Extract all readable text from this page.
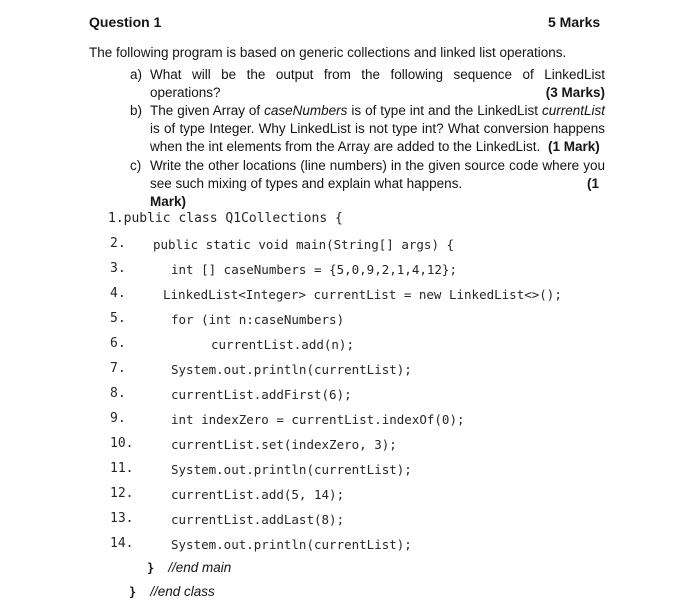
Question 1	5 Marks
The following program is based on generic collections and linked list operations.
a) What will be the output from the following sequence of LinkedList
operations?	(3 Marks)
b) The given Array of caseNumbers is of type int and the LinkedList currentList
is of type Integer. Why LinkedList is not type int? What conversion happens
when the int elements from the Array are added to the LinkedList. (1 Mark)
c) Write the other locations (line numbers) in the given source code where you
see such mixing of types and explain what happens.	(1
Mark)
1.public class Q1Collections {
2. public static void main(String[] args) {
3.	int [] caseNumbers = {5,0,9,2,1,4,12};
4.	LinkedList<Integer> currentList = new LinkedList<>();
5.	for (int n:caseNumbers)
6.	currentList.add(n);
7.	System.out.println(currentList);
8.	currentList.addFirst(6);
9.	int indexZero = currentList.indexOf(0);
10.	currentList.set(indexZero, 3);
11.	System.out.println(currentList);
12.	currentList.add(5, 14);
13.	currentList.addLast(8);
14.	System.out.println(currentList);
} //end main
} //end class
